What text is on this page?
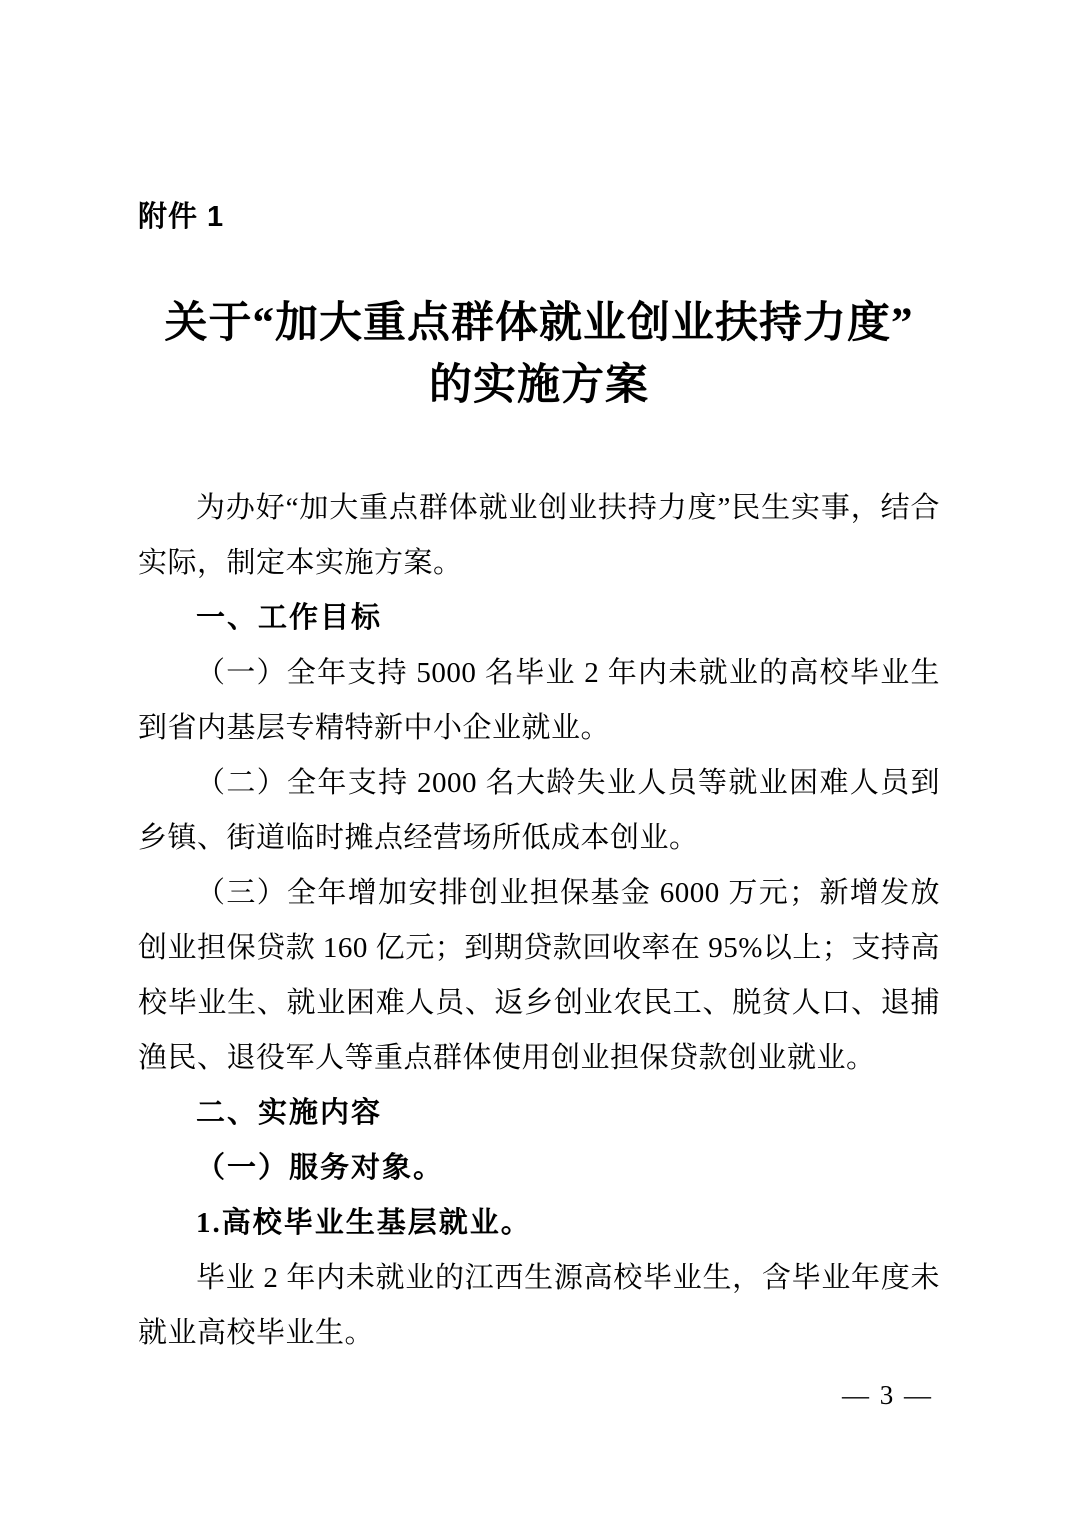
附件 1
关于“加大重点群体就业创业扶持力度”
的实施方案

为办好“加大重点群体就业创业扶持力度”民生实事，结合实际，制定本实施方案。

一、工作目标

（一）全年支持 5000 名毕业 2 年内未就业的高校毕业生到省内基层专精特新中小企业就业。

（二）全年支持 2000 名大龄失业人员等就业困难人员到乡镇、街道临时摊点经营场所低成本创业。

（三）全年增加安排创业担保基金 6000 万元；新增发放创业担保贷款 160 亿元；到期贷款回收率在 95%以上；支持高校毕业生、就业困难人员、返乡创业农民工、脱贫人口、退捕渔民、退役军人等重点群体使用创业担保贷款创业就业。

二、实施内容

（一）服务对象。

1.高校毕业生基层就业。

毕业 2 年内未就业的江西生源高校毕业生，含毕业年度未就业高校毕业生。

— 3 —
